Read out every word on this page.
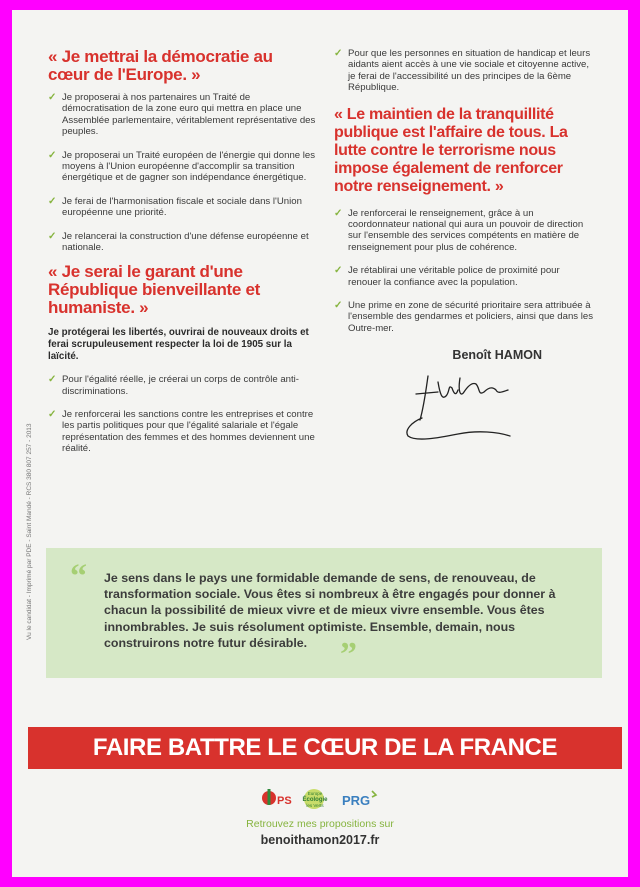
« Je mettrai la démocratie au cœur de l'Europe. »
✓ Je proposerai à nos partenaires un Traité de démocratisation de la zone euro qui mettra en place une Assemblée parlementaire, véritablement représentative des peuples.
✓ Je proposerai un Traité européen de l'énergie qui donne les moyens à l'Union européenne d'accomplir sa transition énergétique et de gagner son indépendance énergétique.
✓ Je ferai de l'harmonisation fiscale et sociale dans l'Union européenne une priorité.
✓ Je relancerai la construction d'une défense européenne et nationale.
« Je serai le garant d'une République bienveillante et humaniste. »
Je protégerai les libertés, ouvrirai de nouveaux droits et ferai scrupuleusement respecter la loi de 1905 sur la laïcité.
✓ Pour l'égalité réelle, je créerai un corps de contrôle anti-discriminations.
✓ Je renforcerai les sanctions contre les entreprises et contre les partis politiques pour que l'égalité salariale et l'égale représentation des femmes et des hommes deviennent une réalité.
✓ Pour que les personnes en situation de handicap et leurs aidants aient accès à une vie sociale et citoyenne active, je ferai de l'accessibilité un des principes de la 6ème République.
« Le maintien de la tranquillité publique est l'affaire de tous. La lutte contre le terrorisme nous impose également de renforcer notre renseignement. »
✓ Je renforcerai le renseignement, grâce à un coordonnateur national qui aura un pouvoir de direction sur l'ensemble des services compétents en matière de renseignement pour plus de cohérence.
✓ Je rétablirai une véritable police de proximité pour renouer la confiance avec la population.
✓ Une prime en zone de sécurité prioritaire sera attribuée à l'ensemble des gendarmes et policiers, ainsi que dans les Outre-mer.
Benoît HAMON
Vu le candidat - Imprimé par PDE - Saint Mandé - RCS 380 807 257 - 2013 “ Je sens dans le pays une formidable demande de sens, de renouveau, de transformation sociale. Vous êtes si nombreux à être engagés pour donner à chacun la possibilité de mieux vivre et de mieux vivre ensemble. Vous êtes innombrables. Je suis résolument optimiste. Ensemble, demain, nous construirons notre futur désirable. ”
FAIRE BATTRE LE CŒUR DE LA FRANCE
PS
Europe
Écologie
les Verts PRG
Retrouvez mes propositions sur
benoithamon2017.fr
